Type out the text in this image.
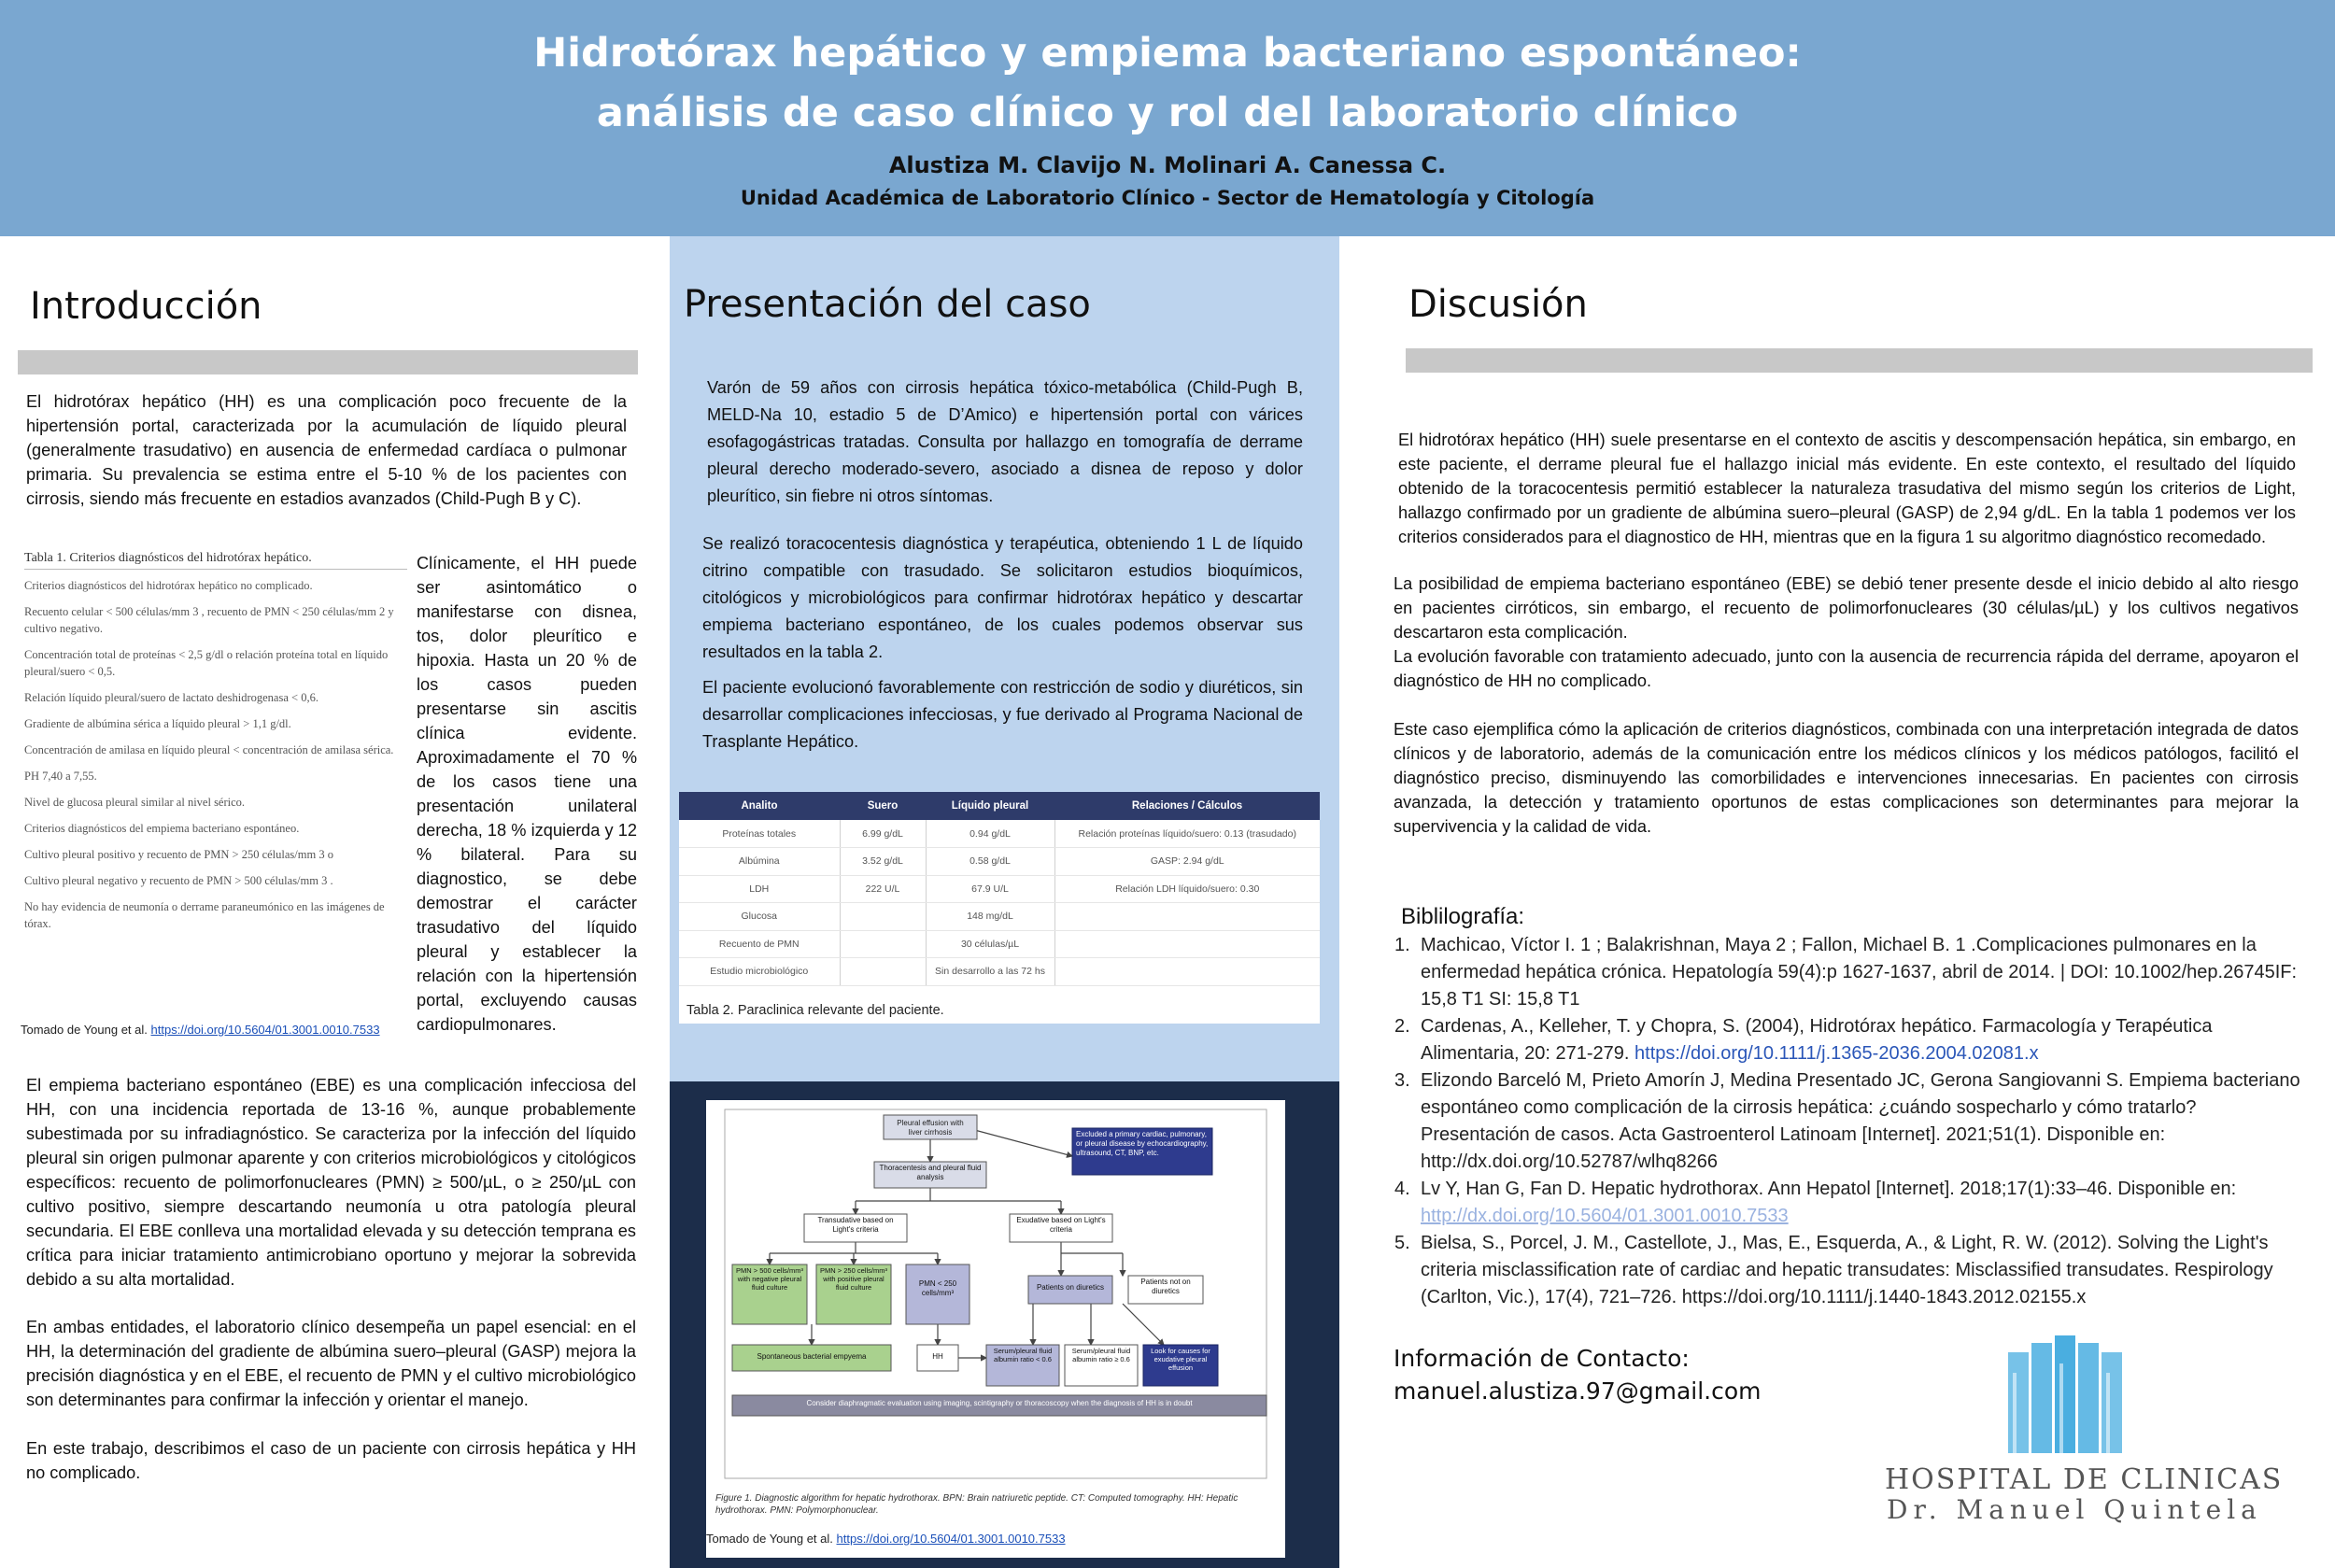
Hidrotórax hepático y empiema bacteriano espontáneo:
análisis de caso clínico y rol del laboratorio clínico
Alustiza M. Clavijo N. Molinari A. Canessa C.
Unidad Académica de Laboratorio Clínico - Sector de Hematología y Citología
Introducción
El hidrotórax hepático (HH) es una complicación poco frecuente de la hipertensión portal, caracterizada por la acumulación de líquido pleural (generalmente trasudativo) en ausencia de enfermedad cardíaca o pulmonar primaria. Su prevalencia se estima entre el 5-10 % de los pacientes con cirrosis, siendo más frecuente en estadios avanzados (Child-Pugh B y C).
Tabla 1. Criterios diagnósticos del hidrotórax hepático.
Criterios diagnósticos del hidrotórax hepático no complicado.
Recuento celular < 500 células/mm 3 , recuento de PMN < 250 células/mm 2 y cultivo negativo.
Concentración total de proteínas < 2,5 g/dl o relación proteína total en líquido pleural/suero < 0,5.
Relación líquido pleural/suero de lactato deshidrogenasa < 0,6.
Gradiente de albúmina sérica a líquido pleural > 1,1 g/dl.
Concentración de amilasa en líquido pleural < concentración de amilasa sérica.
PH 7,40 a 7,55.
Nivel de glucosa pleural similar al nivel sérico.
Criterios diagnósticos del empiema bacteriano espontáneo.
Cultivo pleural positivo y recuento de PMN > 250 células/mm 3 o
Cultivo pleural negativo y recuento de PMN > 500 células/mm 3 .
No hay evidencia de neumonía o derrame paraneumónico en las imágenes de tórax.
Tomado de Young et al. https://doi.org/10.5604/01.3001.0010.7533
Clínicamente, el HH puede ser asintomático o manifestarse con disnea, tos, dolor pleurítico e hipoxia. Hasta un 20 % de los casos pueden presentarse sin ascitis clínica evidente. Aproximadamente el 70 % de los casos tiene una presentación unilateral derecha, 18 % izquierda y 12 % bilateral. Para su diagnostico, se debe demostrar el carácter trasudativo del líquido pleural y establecer la relación con la hipertensión portal, excluyendo causas cardiopulmonares.
El empiema bacteriano espontáneo (EBE) es una complicación infecciosa del HH, con una incidencia reportada de 13-16 %, aunque probablemente subestimada por su infradiagnóstico. Se caracteriza por la infección del líquido pleural sin origen pulmonar aparente y con criterios microbiológicos y citológicos específicos: recuento de polimorfonucleares (PMN) ≥ 500/µL, o ≥ 250/µL con cultivo positivo, siempre descartando neumonía u otra patología pleural secundaria. El EBE conlleva una mortalidad elevada y su detección temprana es crítica para iniciar tratamiento antimicrobiano oportuno y mejorar la sobrevida debido a su alta mortalidad.
En ambas entidades, el laboratorio clínico desempeña un papel esencial: en el HH, la determinación del gradiente de albúmina suero–pleural (GASP) mejora la precisión diagnóstica y en el EBE, el recuento de PMN y el cultivo microbiológico son determinantes para confirmar la infección y orientar el manejo.
En este trabajo, describimos el caso de un paciente con cirrosis hepática y HH no complicado.
Presentación del caso
Varón de 59 años con cirrosis hepática tóxico-metabólica (Child-Pugh B, MELD-Na 10, estadio 5 de D’Amico) e hipertensión portal con várices esofagogástricas tratadas. Consulta por hallazgo en tomografía de derrame pleural derecho moderado-severo, asociado a disnea de reposo y dolor pleurítico, sin fiebre ni otros síntomas.
Se realizó toracocentesis diagnóstica y terapéutica, obteniendo 1 L de líquido citrino compatible con trasudado. Se solicitaron estudios bioquímicos, citológicos y microbiológicos para confirmar hidrotórax hepático y descartar empiema bacteriano espontáneo, de los cuales podemos observar sus resultados en la tabla 2.
El paciente evolucionó favorablemente con restricción de sodio y diuréticos, sin desarrollar complicaciones infecciosas, y fue derivado al Programa Nacional de Trasplante Hepático.
Analito	Suero	Líquido pleural	Relaciones / Cálculos
Proteínas totales	6.99 g/dL	0.94 g/dL	Relación proteínas líquido/suero: 0.13 (trasudado)
Albúmina	3.52 g/dL	0.58 g/dL	GASP: 2.94 g/dL
LDH	222 U/L	67.9 U/L	Relación LDH líquido/suero: 0.30
Glucosa		148 mg/dL	
Recuento de PMN		30 células/µL	
Estudio microbiológico		Sin desarrollo a las 72 hs	
Tabla 2. Paraclinica relevante del paciente.
Pleural effusion with liver cirrhosis	Excluded a primary cardiac, pulmonary, or pleural disease by echocardiography, ultrasound, CT, BNP, etc.
Thoracentesis and pleural fluid analysis
Transudative based on Light's criteria
Exudative based on Light's criteria
PMN > 500 cells/mm³ with negative pleural fluid culture
PMN > 250 cells/mm³ with positive pleural fluid culture	PMN < 250 cells/mm³
Patients on diuretics
Patients not on diuretics
Spontaneous bacterial empyema	HH
Serum/pleural fluid albumin ratio < 0.6
Serum/pleural fluid albumin ratio ≥ 0.6
Look for causes for exudative pleural effusion
Consider diaphragmatic evaluation using imaging, scintigraphy or thoracoscopy when the diagnosis of HH is in doubt
Figure 1. Diagnostic algorithm for hepatic hydrothorax. BPN: Brain natriuretic peptide. CT: Computed tomography. HH: Hepatic hydrothorax. PMN: Polymorphonuclear.
Tomado de Young et al. https://doi.org/10.5604/01.3001.0010.7533
Discusión
El hidrotórax hepático (HH) suele presentarse en el contexto de ascitis y descompensación hepática, sin embargo, en este paciente, el derrame pleural fue el hallazgo inicial más evidente. En este contexto, el resultado del líquido obtenido de la toracocentesis permitió establecer la naturaleza trasudativa del mismo según los criterios de Light, hallazgo confirmado por un gradiente de albúmina suero–pleural (GASP) de 2,94 g/dL. En la tabla 1 podemos ver los criterios considerados para el diagnostico de HH, mientras que en la figura 1 su algoritmo diagnóstico recomedado.
La posibilidad de empiema bacteriano espontáneo (EBE) se debió tener presente desde el inicio debido al alto riesgo en pacientes cirróticos, sin embargo, el recuento de polimorfonucleares (30 células/µL) y los cultivos negativos descartaron esta complicación.
La evolución favorable con tratamiento adecuado, junto con la ausencia de recurrencia rápida del derrame, apoyaron el diagnóstico de HH no complicado.
Este caso ejemplifica cómo la aplicación de criterios diagnósticos, combinada con una interpretación integrada de datos clínicos y de laboratorio, además de la comunicación entre los médicos clínicos y los médicos patólogos, facilitó el diagnóstico preciso, disminuyendo las comorbilidades e intervenciones innecesarias. En pacientes con cirrosis avanzada, la detección y tratamiento oportunos de estas complicaciones son determinantes para mejorar la supervivencia y la calidad de vida.
Biblilografía:
1. Machicao, Víctor I. 1 ; Balakrishnan, Maya 2 ; Fallon, Michael B. 1 .Complicaciones pulmonares en la enfermedad hepática crónica. Hepatología 59(4):p 1627-1637, abril de 2014. | DOI: 10.1002/hep.26745IF: 15,8 T1 SI: 15,8 T1
2. Cardenas, A., Kelleher, T. y Chopra, S. (2004), Hidrotórax hepático. Farmacología y Terapéutica Alimentaria, 20: 271-279. https://doi.org/10.1111/j.1365-2036.2004.02081.x
3. Elizondo Barceló M, Prieto Amorín J, Medina Presentado JC, Gerona Sangiovanni S. Empiema bacteriano espontáneo como complicación de la cirrosis hepática: ¿cuándo sospecharlo y cómo tratarlo? Presentación de casos. Acta Gastroenterol Latinoam [Internet]. 2021;51(1). Disponible en: http://dx.doi.org/10.52787/wlhq8266
4. Lv Y, Han G, Fan D. Hepatic hydrothorax. Ann Hepatol [Internet]. 2018;17(1):33–46. Disponible en: http://dx.doi.org/10.5604/01.3001.0010.7533
5. Bielsa, S., Porcel, J. M., Castellote, J., Mas, E., Esquerda, A., & Light, R. W. (2012). Solving the Light's criteria misclassification rate of cardiac and hepatic transudates: Misclassified transudates. Respirology (Carlton, Vic.), 17(4), 721–726. https://doi.org/10.1111/j.1440-1843.2012.02155.x
Información de Contacto:
manuel.alustiza.97@gmail.com
HOSPITAL DE CLINICAS
Dr. Manuel Quintela
